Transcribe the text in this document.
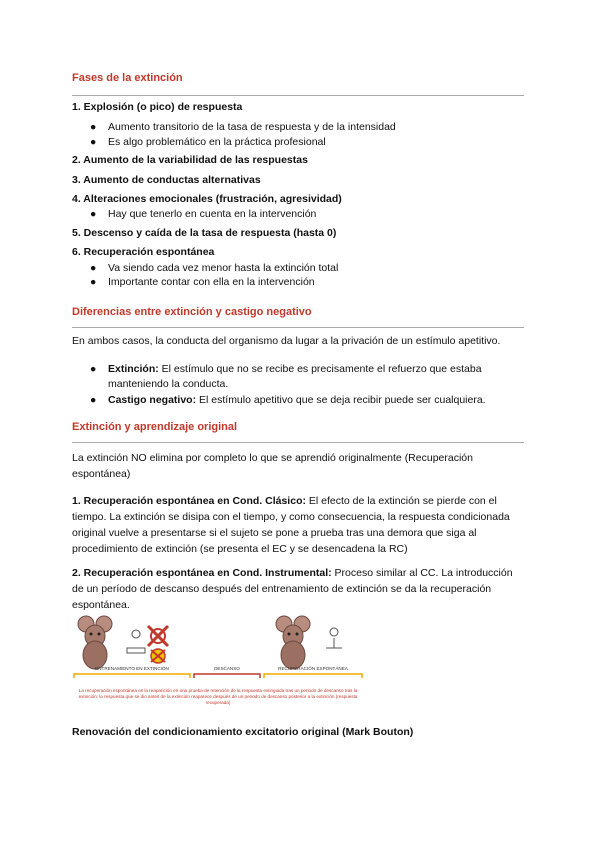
Fases de la extinción
1. Explosión (o pico) de respuesta
● Aumento transitorio de la tasa de respuesta y de la intensidad
● Es algo problemático en la práctica profesional
2. Aumento de la variabilidad de las respuestas
3. Aumento de conductas alternativas
4. Alteraciones emocionales (frustración, agresividad)
● Hay que tenerlo en cuenta en la intervención
5. Descenso y caída de la tasa de respuesta (hasta 0)
6. Recuperación espontánea
● Va siendo cada vez menor hasta la extinción total
● Importante contar con ella en la intervención
Diferencias entre extinción y castigo negativo
En ambos casos, la conducta del organismo da lugar a la privación de un estímulo apetitivo.
● Extinción: El estímulo que no se recibe es precisamente el refuerzo que estaba manteniendo la conducta.
● Castigo negativo: El estímulo apetitivo que se deja recibir puede ser cualquiera.
Extinción y aprendizaje original
La extinción NO elimina por completo lo que se aprendió originalmente (Recuperación espontánea)
1. Recuperación espontánea en Cond. Clásico: El efecto de la extinción se pierde con el tiempo. La extinción se disipa con el tiempo, y como consecuencia, la respuesta condicionada original vuelve a presentarse si el sujeto se pone a prueba tras una demora que siga al procedimiento de extinción (se presenta el EC y se desencadena la RC)
2. Recuperación espontánea en Cond. Instrumental: Proceso similar al CC. La introducción de un período de descanso después del entrenamiento de extinción se da la recuperación espontánea.
ENTRENAMIENTO EN EXTINCIÓN	DESCANSO	RECUPERACIÓN ESPONTÁNEA
La recuperación espontánea es la reaparición en una prueba de retención de la respuesta extinguida tras un periodo de descanso tras la extinción; la respuesta que se dio antes de la extinción reaparece después de un periodo de descanso posterior a la extinción (respuesta recuperada)
Renovación del condicionamiento excitatorio original (Mark Bouton)
